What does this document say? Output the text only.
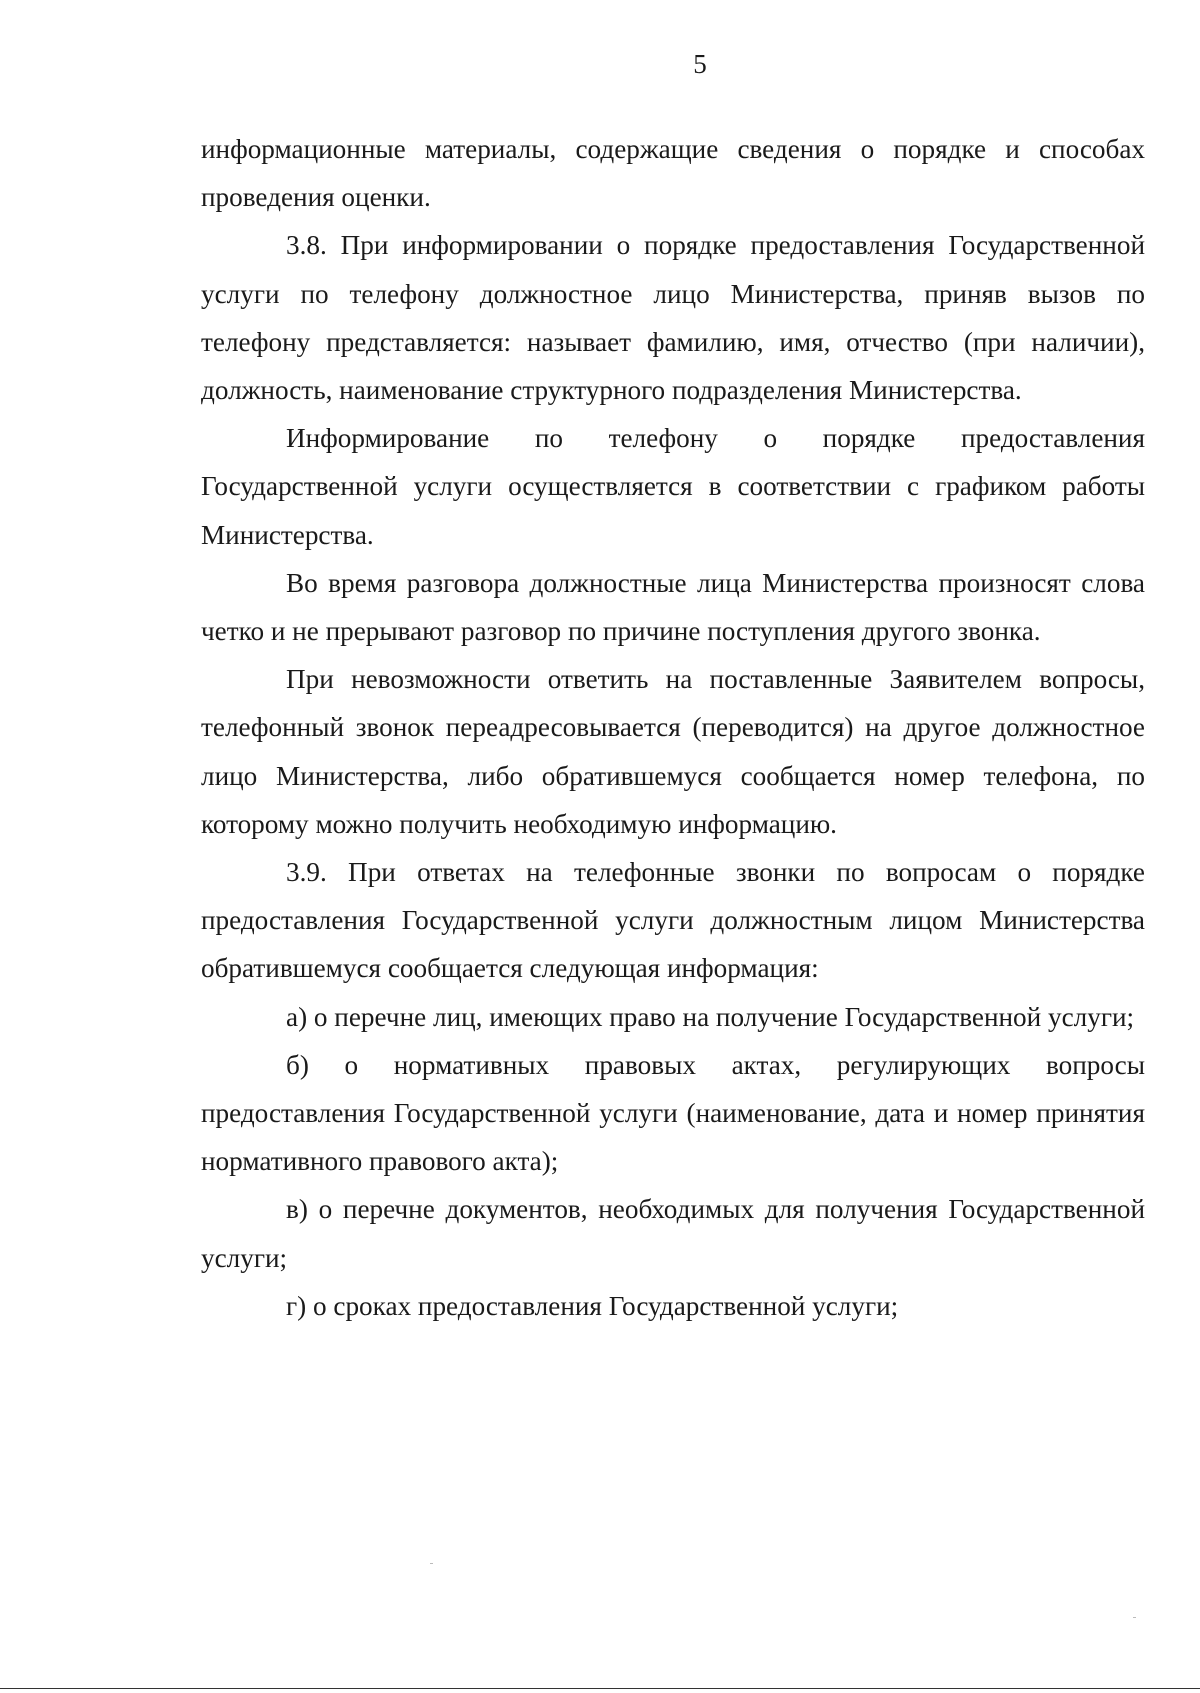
5

информационные материалы, содержащие сведения о порядке и способах проведения оценки.

3.8. При информировании о порядке предоставления Государственной услуги по телефону должностное лицо Министерства, приняв вызов по телефону представляется: называет фамилию, имя, отчество (при наличии), должность, наименование структурного подразделения Министерства.

Информирование по телефону о порядке предоставления Государственной услуги осуществляется в соответствии с графиком работы Министерства.

Во время разговора должностные лица Министерства произносят слова четко и не прерывают разговор по причине поступления другого звонка.

При невозможности ответить на поставленные Заявителем вопросы, телефонный звонок переадресовывается (переводится) на другое должностное лицо Министерства, либо обратившемуся сообщается номер телефона, по которому можно получить необходимую информацию.

3.9. При ответах на телефонные звонки по вопросам о порядке предоставления Государственной услуги должностным лицом Министерства обратившемуся сообщается следующая информация:

а) о перечне лиц, имеющих право на получение Государственной услуги;

б) о нормативных правовых актах, регулирующих вопросы предоставления Государственной услуги (наименование, дата и номер принятия нормативного правового акта);

в) о перечне документов, необходимых для получения Государственной услуги;

г) о сроках предоставления Государственной услуги;
